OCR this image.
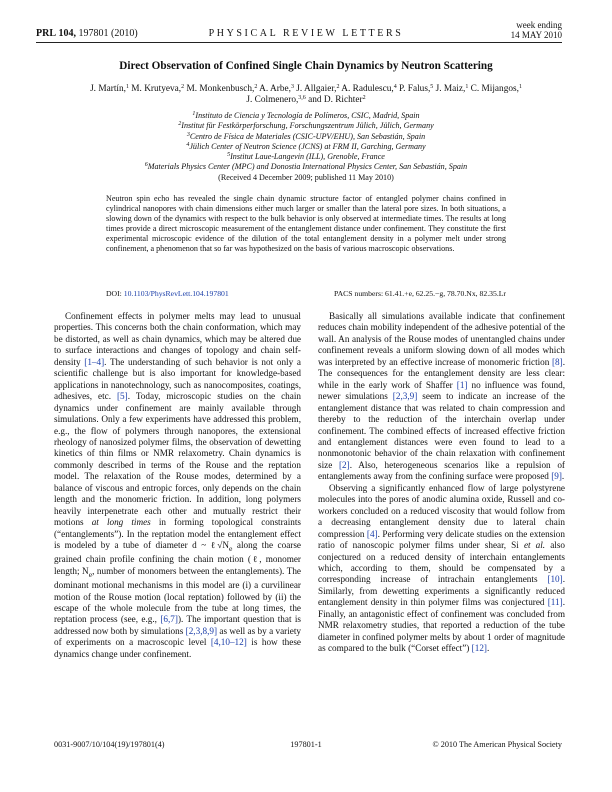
PRL 104, 197801 (2010)	PHYSICAL REVIEW LETTERS
week ending
14 MAY 2010
Direct Observation of Confined Single Chain Dynamics by Neutron Scattering
J. Martín,$^1$ M. Krutyeva,$^2$ M. Monkenbusch,$^2$ A. Arbe,$^3$ J. Allgaier,$^2$ A. Radulescu,$^4$ P. Falus,$^5$ J. Maiz,$^1$ C. Mijangos,$^1$
J. Colmenero,$^{3,6}$ and D. Richter$^2$
$^1$Instituto de Ciencia y Tecnología de Polímeros, CSIC, Madrid, Spain
$^2$Institut für Festkörperforschung, Forschungszentrum Jülich, Jülich, Germany
$^3$Centro de Física de Materiales (CSIC-UPV/EHU), San Sebastián, Spain
$^4$Jülich Center of Neutron Science (JCNS) at FRM II, Garching, Germany
$^5$Institut Laue-Langevin (ILL), Grenoble, France
$^6$Materials Physics Center (MPC) and Donostia International Physics Center, San Sebastián, Spain
(Received 4 December 2009; published 11 May 2010)
Neutron spin echo has revealed the single chain dynamic structure factor of entangled polymer chains confined in cylindrical nanopores with chain dimensions either much larger or smaller than the lateral pore sizes. In both situations, a slowing down of the dynamics with respect to the bulk behavior is only observed at intermediate times. The results at long times provide a direct microscopic measurement of the entanglement distance under confinement. They constitute the first experimental microscopic evidence of the dilution of the total entanglement density in a polymer melt under strong confinement, a phenomenon that so far was hypothesized on the basis of various macroscopic observations.
DOI: 10.1103/PhysRevLett.104.197801	PACS numbers: 61.41.+e, 62.25.−g, 78.70.Nx, 82.35.Lr

Confinement effects in polymer melts may lead to unusual properties. This concerns both the chain conformation, which may be distorted, as well as chain dynamics, which may be altered due to surface interactions and changes of topology and chain self-density [1–4]. The understanding of such behavior is not only a scientific challenge but is also important for knowledge-based applications in nanotechnology, such as nanocomposites, coatings, adhesives, etc. [5]. Today, microscopic studies on the chain dynamics under confinement are mainly available through simulations. Only a few experiments have addressed this problem, e.g., the flow of polymers through nanopores, the extensional rheology of nanosized polymer films, the observation of dewetting kinetics of thin films or NMR relaxometry. Chain dynamics is commonly described in terms of the Rouse and the reptation model. The relaxation of the Rouse modes, determined by a balance of viscous and entropic forces, only depends on the chain length and the monomeric friction. In addition, long polymers heavily interpenetrate each other and mutually restrict their motions at long times in forming topological constraints (“entanglements”). In the reptation model the entanglement effect is modeled by a tube of diameter d ~ $\ell√N_e$ along the coarse grained chain profile confining the chain motion (ℓ, monomer length; $N_e$, number of monomers between the entanglements). The dominant motional mechanisms in this model are (i) a curvilinear motion of the Rouse motion (local reptation) followed by (ii) the escape of the whole molecule from the tube at long times, the reptation process (see, e.g., [6,7]). The important question that is addressed now both by simulations [2,3,8,9] as well as by a variety of experiments on a macroscopic level [4,10–12] is how these dynamics change under confinement.

Basically all simulations available indicate that confinement reduces chain mobility independent of the adhesive potential of the wall. An analysis of the Rouse modes of unentangled chains under confinement reveals a uniform slowing down of all modes which was interpreted by an effective increase of monomeric friction [8]. The consequences for the entanglement density are less clear: while in the early work of Shaffer [1] no influence was found, newer simulations [2,3,9] seem to indicate an increase of the entanglement distance that was related to chain compression and thereby to the reduction of the interchain overlap under confinement. The combined effects of increased effective friction and entanglement distances were even found to lead to a nonmonotonic behavior of the chain relaxation with confinement size [2]. Also, heterogeneous scenarios like a repulsion of entanglements away from the confining surface were proposed [9].

Observing a significantly enhanced flow of large polystyrene molecules into the pores of anodic alumina oxide, Russell and co-workers concluded on a reduced viscosity that would follow from a decreasing entanglement density due to lateral chain compression [4]. Performing very delicate studies on the extension ratio of nanoscopic polymer films under shear, Si et al. also conjectured on a reduced density of interchain entanglements which, according to them, should be compensated by a corresponding increase of intrachain entanglements [10]. Similarly, from dewetting experiments a significantly reduced entanglement density in thin polymer films was conjectured [11]. Finally, an antagonistic effect of confinement was concluded from NMR relaxometry studies, that reported a reduction of the tube diameter in confined polymer melts by about 1 order of magnitude as compared to the bulk (“Corset effect”) [12].

0031-9007/10/104(19)/197801(4)	197801-1	© 2010 The American Physical Society
